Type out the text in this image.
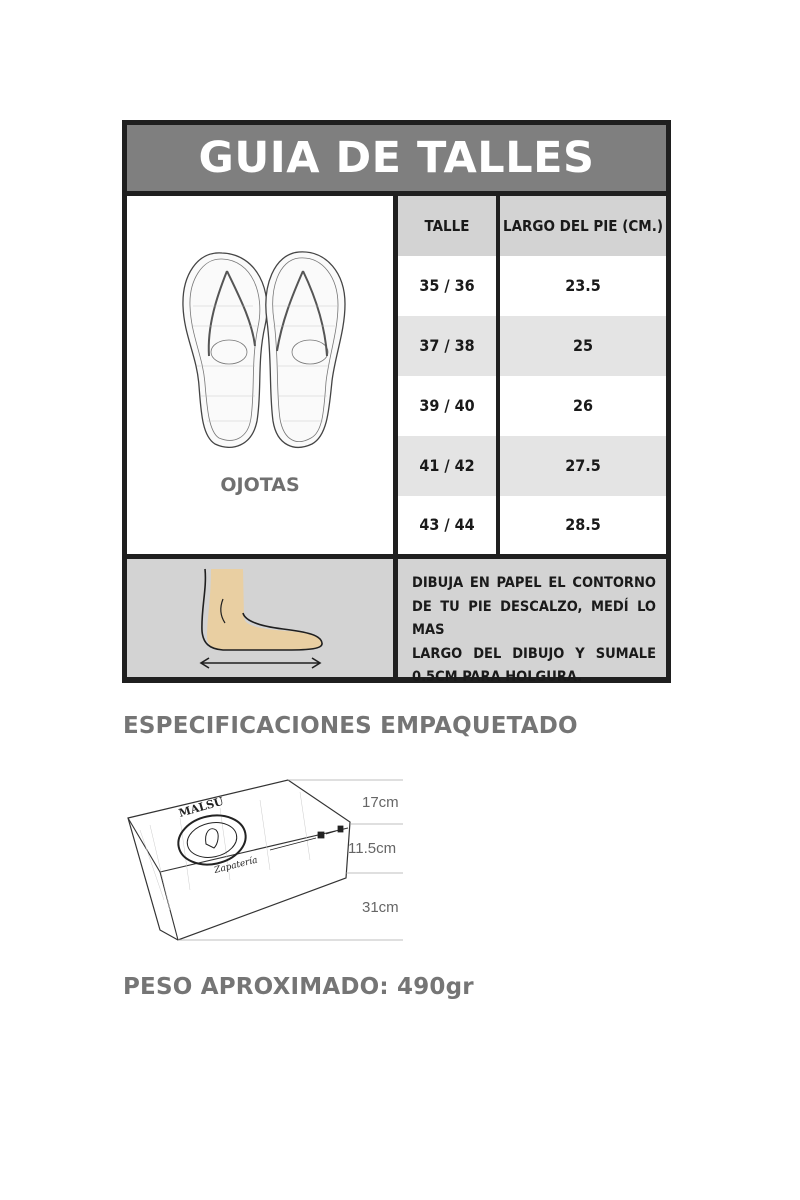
GUIA DE TALLES
OJOTAS
TALLE	LARGO DEL PIE (CM.)
35 / 36	23.5
37 / 38	25
39 / 40	26
41 / 42	27.5
43 / 44	28.5
DIBUJA EN PAPEL EL CONTORNO
DE TU PIE DESCALZO, MEDÍ LO MAS
LARGO DEL DIBUJO Y SUMALE
0.5CM PARA HOLGURA.
ESPECIFICACIONES EMPAQUETADO
MALSU
Zapatería
17cm
11.5cm
31cm
PESO APROXIMADO: 490gr
